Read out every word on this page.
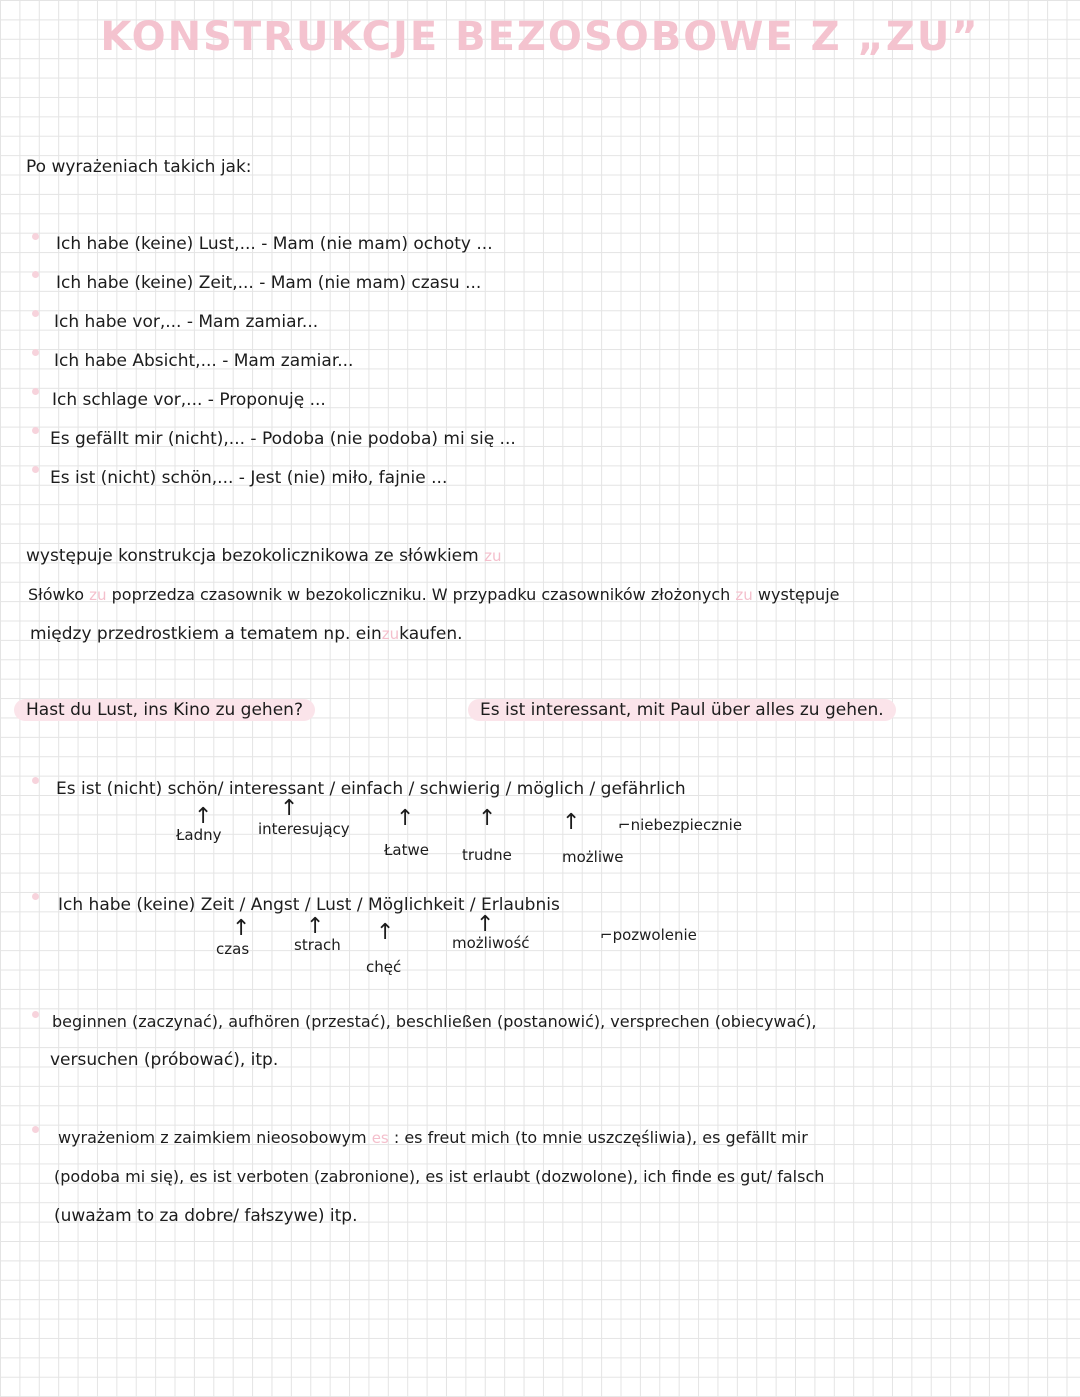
KONSTRUKCJE BEZOSOBOWE Z „ZU”
Po wyrażeniach takich jak:
Ich habe (keine) Lust,... - Mam (nie mam) ochoty ...
Ich habe (keine) Zeit,... - Mam (nie mam) czasu ...
Ich habe vor,... - Mam zamiar...
Ich habe Absicht,... - Mam zamiar...
Ich schlage vor,... - Proponuję ...
Es gefällt mir (nicht),... - Podoba (nie podoba) mi się ...
Es ist (nicht) schön,... - Jest (nie) miło, fajnie ...
występuje konstrukcja bezokolicznikowa ze słówkiem zu
Słówko zu poprzedza czasownik w bezokoliczniku. W przypadku czasowników złożonych zu występuje
między przedrostkiem a tematem np. einzukaufen.
Hast du Lust, ins Kino zu gehen?	Es ist interessant, mit Paul über alles zu gehen.
Es ist (nicht) schön/ interessant / einfach / schwierig / möglich / gefährlich
↑	↑	↑	↑	↑
Ładny interesujący
Łatwe trudne	możliwe
⌐niebezpiecznie
Ich habe (keine) Zeit / Angst / Lust / Möglichkeit / Erlaubnis
↑	↑ ↑	↑
czas	strach
chęć
możliwość	⌐pozwolenie
beginnen (zaczynać), aufhören (przestać), beschließen (postanowić), versprechen (obiecywać),
versuchen (próbować), itp.
wyrażeniom z zaimkiem nieosobowym es : es freut mich (to mnie uszczęśliwia), es gefällt mir
(podoba mi się), es ist verboten (zabronione), es ist erlaubt (dozwolone), ich finde es gut/ falsch
(uważam to za dobre/ fałszywe) itp.
